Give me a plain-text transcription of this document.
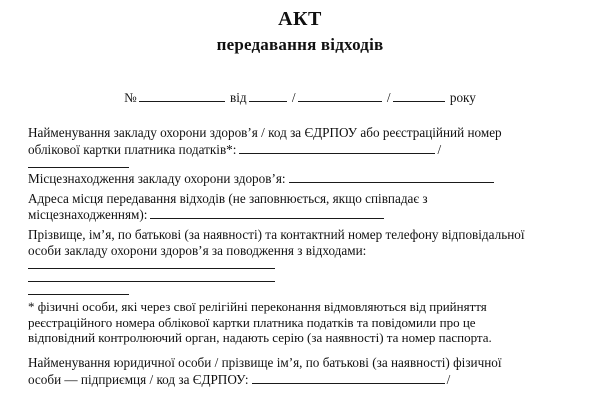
АКТ
передавання відходів
№	від	/	/	року
Найменування закладу охорони здоров’я / код за ЄДРПОУ або реєстраційний номер
облікової картки платника податків*:	/
Місцезнаходження закладу охорони здоров’я:
Адреса місця передавання відходів (не заповнюється, якщо співпадає з
місцезнаходженням):
Прізвище, ім’я, по батькові (за наявності) та контактний номер телефону відповідальної
особи закладу охорони здоров’я за поводження з відходами:
* фізичні особи, які через свої релігійні переконання відмовляються від прийняття
реєстраційного номера облікової картки платника податків та повідомили про це
відповідний контролюючий орган, надають серію (за наявності) та номер паспорта.
Найменування юридичної особи / прізвище ім’я, по батькові (за наявності) фізичної
особи — підприємця / код за ЄДРПОУ:	/
